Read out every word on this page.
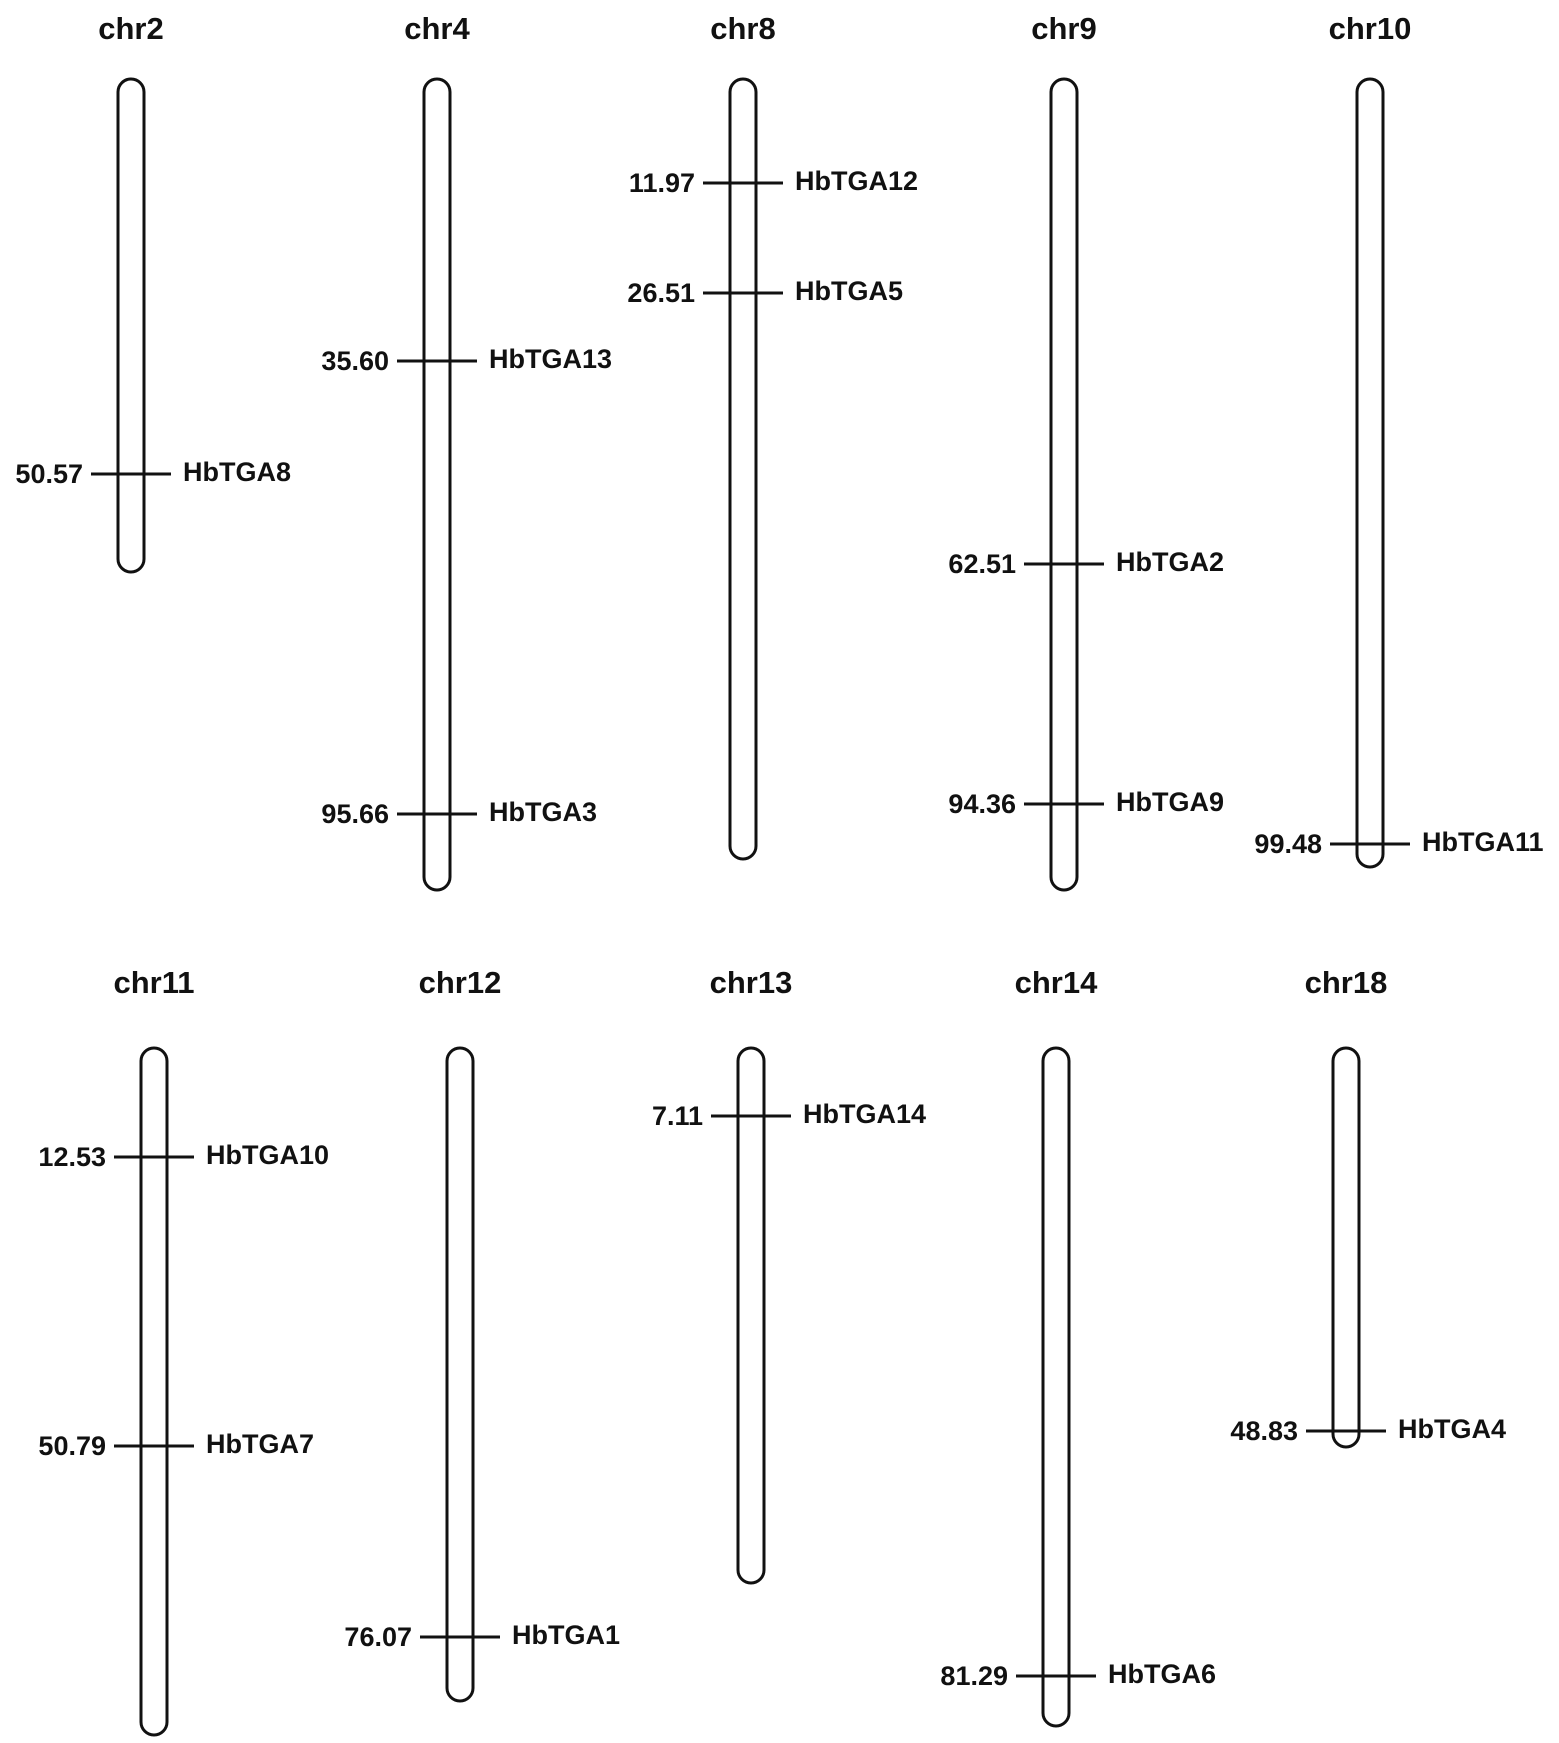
chr2
50.57	HbTGA8
chr4
35.60	HbTGA13
95.66	HbTGA3
chr8
11.97	HbTGA12
26.51	HbTGA5
chr9
62.51	HbTGA2
94.36	HbTGA9
chr10
99.48	HbTGA11
chr11
12.53	HbTGA10
50.79	HbTGA7
chr12
76.07	HbTGA1
chr13
7.11	HbTGA14
chr14
81.29	HbTGA6
chr18
48.83	HbTGA4
